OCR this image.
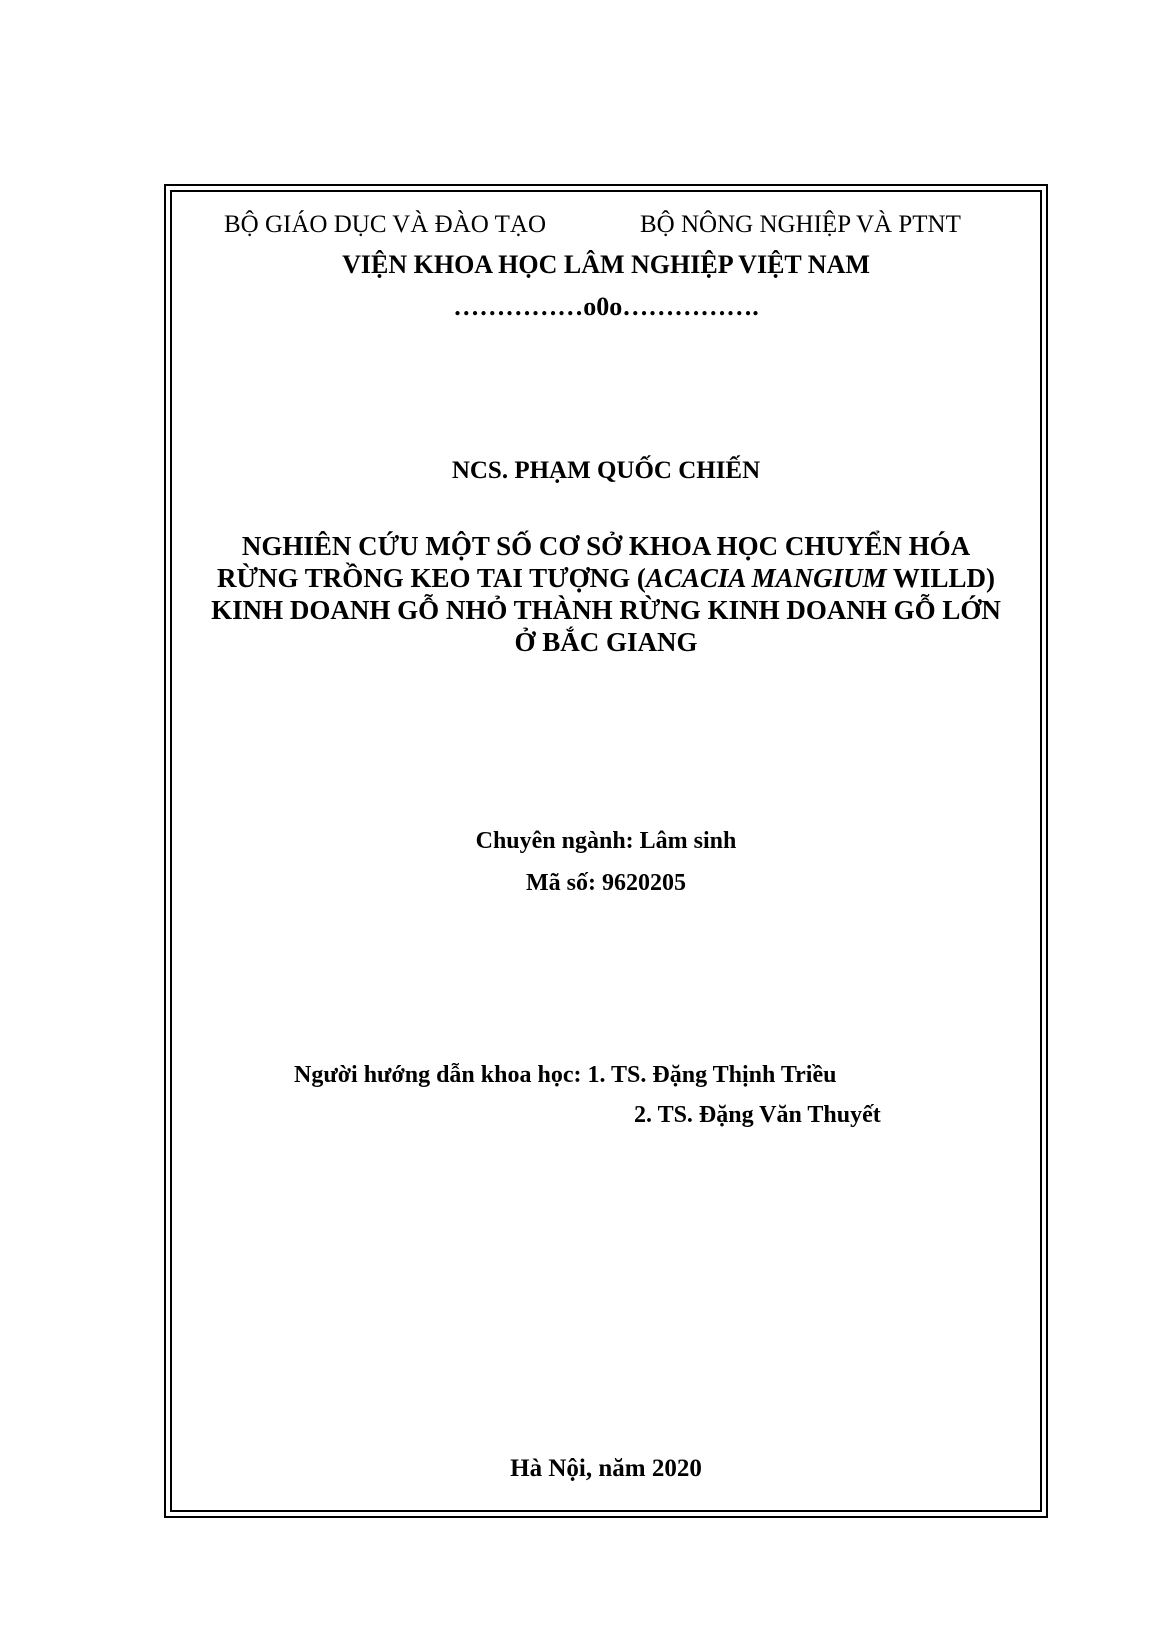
BỘ GIÁO DỤC VÀ ĐÀO TẠO	BỘ NÔNG NGHIỆP VÀ PTNT
VIỆN KHOA HỌC LÂM NGHIỆP VIỆT NAM
……………o0o…………….
NCS. PHẠM QUỐC CHIẾN
NGHIÊN CỨU MỘT SỐ CƠ SỞ KHOA HỌC CHUYỂN HÓA
RỪNG TRỒNG KEO TAI TƯỢNG (ACACIA MANGIUM WILLD)
KINH DOANH GỖ NHỎ THÀNH RỪNG KINH DOANH GỖ LỚN
Ở BẮC GIANG
Chuyên ngành: Lâm sinh
Mã số: 9620205
Người hướng dẫn khoa học: 1. TS. Đặng Thịnh Triều
2. TS. Đặng Văn Thuyết
Hà Nội, năm 2020
